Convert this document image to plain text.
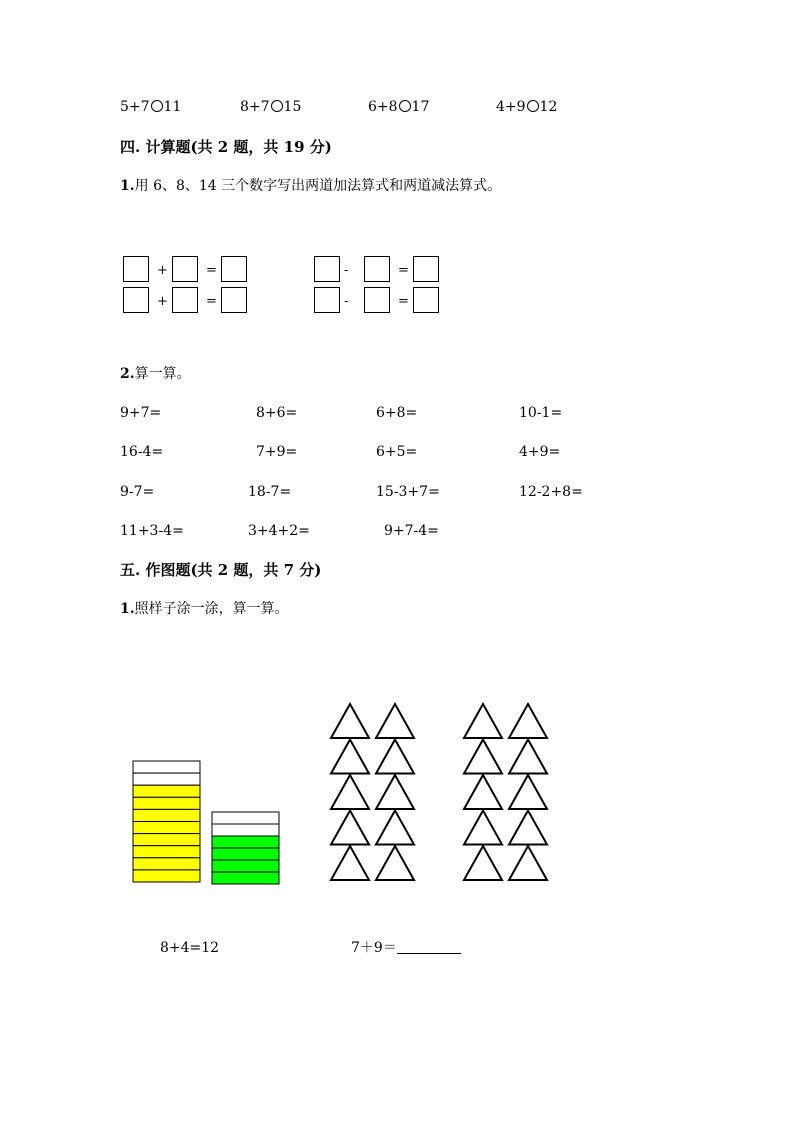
5+7 11	8+7 15	6+8 17	4+9 12
四. 计算题(共 2 题，共 19 分)
1.用 6、8、14 三个数字写出两道加法算式和两道减法算式。
+	=
+	=
-	=
-	=
2.算一算。
9+7=	8+6=	6+8=	10-1=
16-4=	7+9=	6+5=	4+9=
9-7=	18-7=	15-3+7=	12-2+8=
11+3-4=	3+4+2=	9+7-4=
五. 作图题(共 2 题，共 7 分)
1.照样子涂一涂，算一算。
8+4=12	7＋9＝
